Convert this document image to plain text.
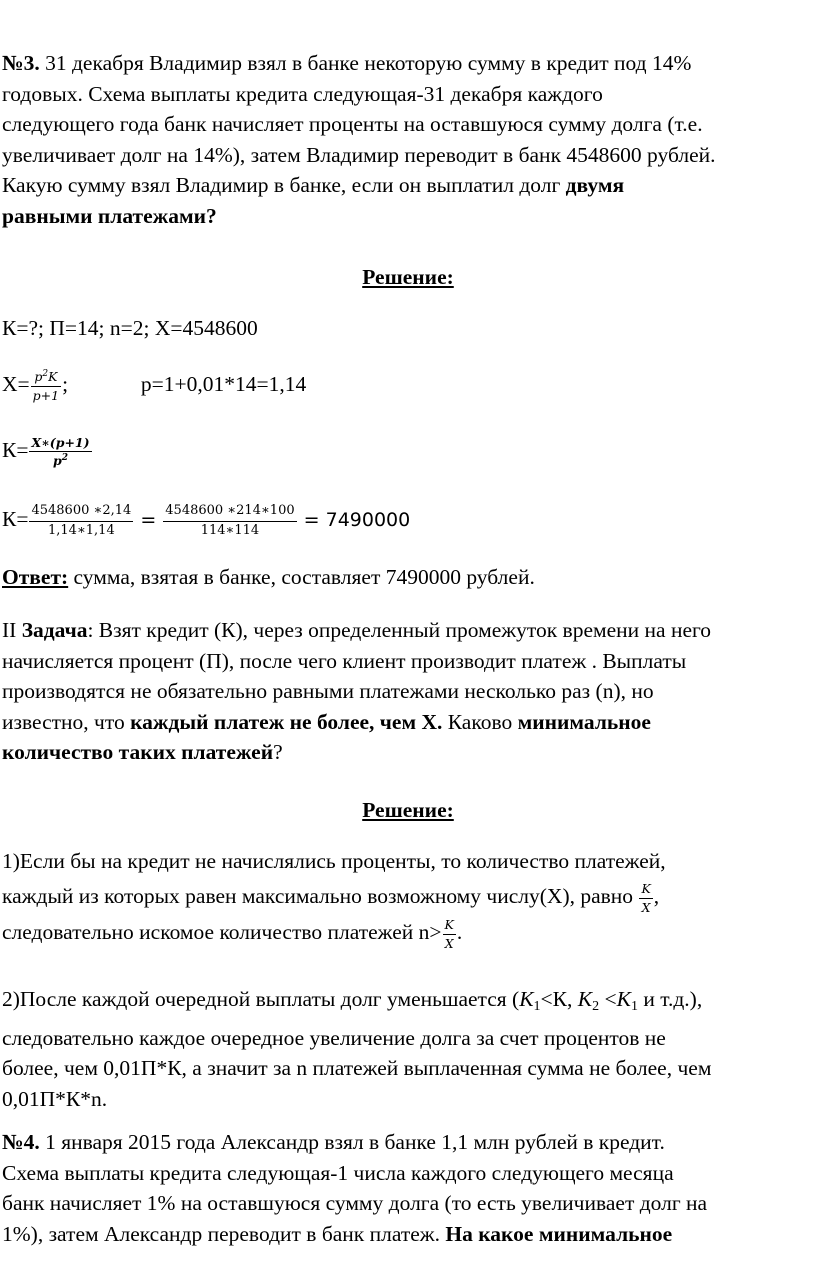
№3. 31 декабря Владимир взял в банке некоторую сумму в кредит под 14%
годовых. Схема выплаты кредита следующая-31 декабря каждого
следующего года банк начисляет проценты на оставшуюся сумму долга (т.е.
увеличивает долг на 14%), затем Владимир переводит в банк 4548600 рублей.
Какую сумму взял Владимир в банке, если он выплатил долг двумя
равными платежами?
Решение:
К=?; П=14; n=2; Х=4548600
$Х= \frac{p^2K}{p+1}$ ;	p=1+0,01*14=1,14
$К= \frac{X∗(p+1)}{p^2}$
$К= \frac{4548600 ∗2,14}{1,14∗1,14} = \frac{4548600 ∗214∗100}{114∗114} = 7490000$
Ответ: сумма, взятая в банке, составляет 7490000 рублей.
II Задача: Взят кредит (К), через определенный промежуток времени на него
начисляется процент (П), после чего клиент производит платеж . Выплаты
производятся не обязательно равными платежами несколько раз (n), но
известно, что каждый платеж не более, чем Х. Каково минимальное
количество таких платежей?
Решение:
1)Если бы на кредит не начислялись проценты, то количество платежей,
каждый из которых равен максимально возможному числу(Х), равно $\frac{K}{X}$ ,
следовательно искомое количество платежей $n> \frac{K}{X}$ .
2)После каждой очередной выплаты долг уменьшается ($K_1<К$, $K_2 <K_1$ и т.д.),
следовательно каждое очередное увеличение долга за счет процентов не
более, чем 0,01П*К, а значит за n платежей выплаченная сумма не более, чем
0,01П*К*n.
№4. 1 января 2015 года Александр взял в банке 1,1 млн рублей в кредит.
Схема выплаты кредита следующая-1 числа каждого следующего месяца
банк начисляет 1% на оставшуюся сумму долга (то есть увеличивает долг на
1%), затем Александр переводит в банк платеж. На какое минимальное
